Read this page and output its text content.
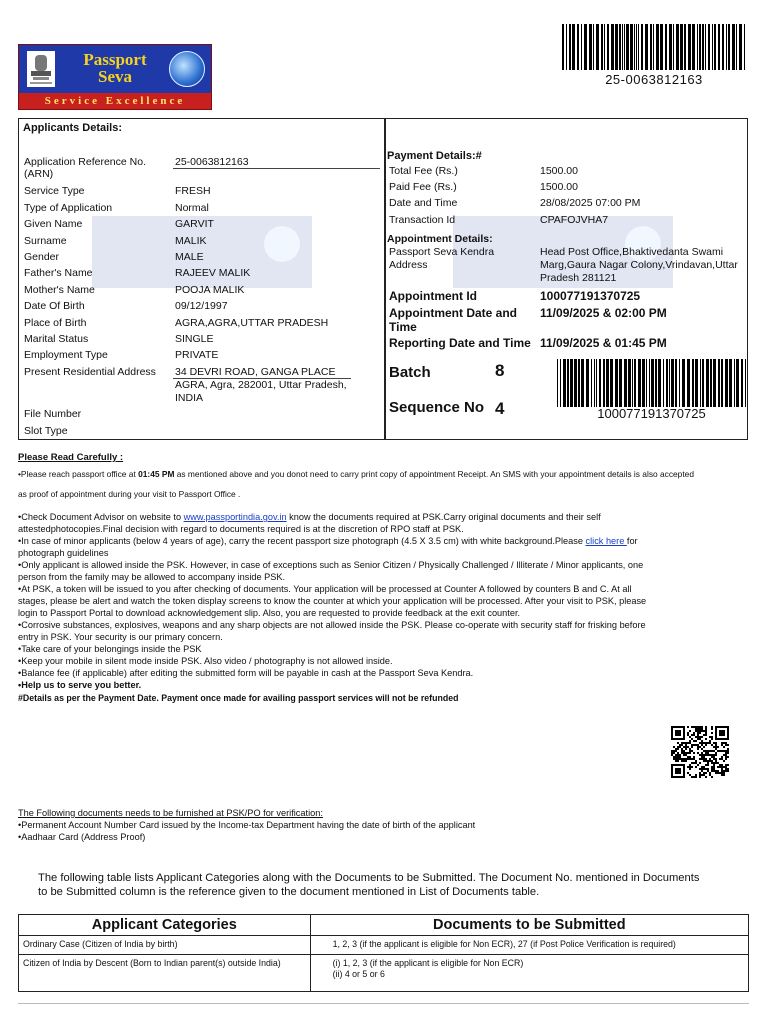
Passport
Seva
Service Excellence
25-0063812163
Applicants Details:
Application Reference No. (ARN)
25-0063812163
Service Type	FRESH
Type of Application	Normal
Given Name	GARVIT
Surname	MALIK
Gender	MALE
Father's Name	RAJEEV MALIK
Mother's Name	POOJA MALIK
Date Of Birth	09/12/1997
Place of Birth	AGRA,AGRA,UTTAR PRADESH
Marital Status	SINGLE
Employment Type	PRIVATE
Present Residential Address 34 DEVRI ROAD, GANGA PLACE
AGRA, Agra, 282001, Uttar Pradesh,
INDIA
File Number
Slot Type
Payment Details:#
Total Fee (Rs.)	1500.00
Paid Fee (Rs.)	1500.00
Date and Time	28/08/2025 07:00 PM
Transaction Id	CPAFOJVHA7
Appointment Details:
Passport Seva Kendra
Address
Head Post Office,Bhaktivedanta Swami
Marg,Gaura Nagar Colony,Vrindavan,Uttar
Pradesh 281121
Appointment Id	100077191370725
Appointment Date and
Time
11/09/2025 & 02:00 PM
Reporting Date and Time 11/09/2025 & 01:45 PM
Batch	8
Sequence No 4	100077191370725
Please Read Carefully :
•Please reach passport office at 01:45 PM as mentioned above and you donot need to carry print copy of appointment Receipt. An SMS with your appointment details is also accepted
as proof of appointment during your visit to Passport Office .
•Check Document Advisor on website to www.passportindia.gov.in know the documents required at PSK.Carry original documents and their self
attestedphotocopies.Final decision with regard to documents required is at the discretion of RPO staff at PSK.
•In case of minor applicants (below 4 years of age), carry the recent passport size photograph (4.5 X 3.5 cm) with white background.Please click here for
photograph guidelines
•Only applicant is allowed inside the PSK. However, in case of exceptions such as Senior Citizen / Physically Challenged / Illiterate / Minor applicants, one
person from the family may be allowed to accompany inside PSK.
•At PSK, a token will be issued to you after checking of documents. Your application will be processed at Counter A followed by counters B and C. At all
stages, please be alert and watch the token display screens to know the counter at which your application will be processed. After your visit to PSK, please
login to Passport Portal to download acknowledgement slip. Also, you are requested to provide feedback at the exit counter.
•Corrosive substances, explosives, weapons and any sharp objects are not allowed inside the PSK. Please co-operate with security staff for frisking before
entry in PSK. Your security is our primary concern.
•Take care of your belongings inside the PSK
•Keep your mobile in silent mode inside PSK. Also video / photography is not allowed inside.
•Balance fee (if applicable) after editing the submitted form will be payable in cash at the Passport Seva Kendra.
•Help us to serve you better.
#Details as per the Payment Date. Payment once made for availing passport services will not be refunded
The Following documents needs to be furnished at PSK/PO for verification:
•Permanent Account Number Card issued by the Income-tax Department having the date of birth of the applicant
•Aadhaar Card (Address Proof)
The following table lists Applicant Categories along with the Documents to be Submitted. The Document No. mentioned in Documents
to be Submitted column is the reference given to the document mentioned in List of Documents table.
Applicant Categories	Documents to be Submitted
Ordinary Case (Citizen of India by birth)	1, 2, 3 (if the applicant is eligible for Non ECR), 27 (if Post Police Verification is required)
Citizen of India by Descent (Born to Indian parent(s) outside India)	(i) 1, 2, 3 (if the applicant is eligible for Non ECR)
(ii) 4 or 5 or 6
